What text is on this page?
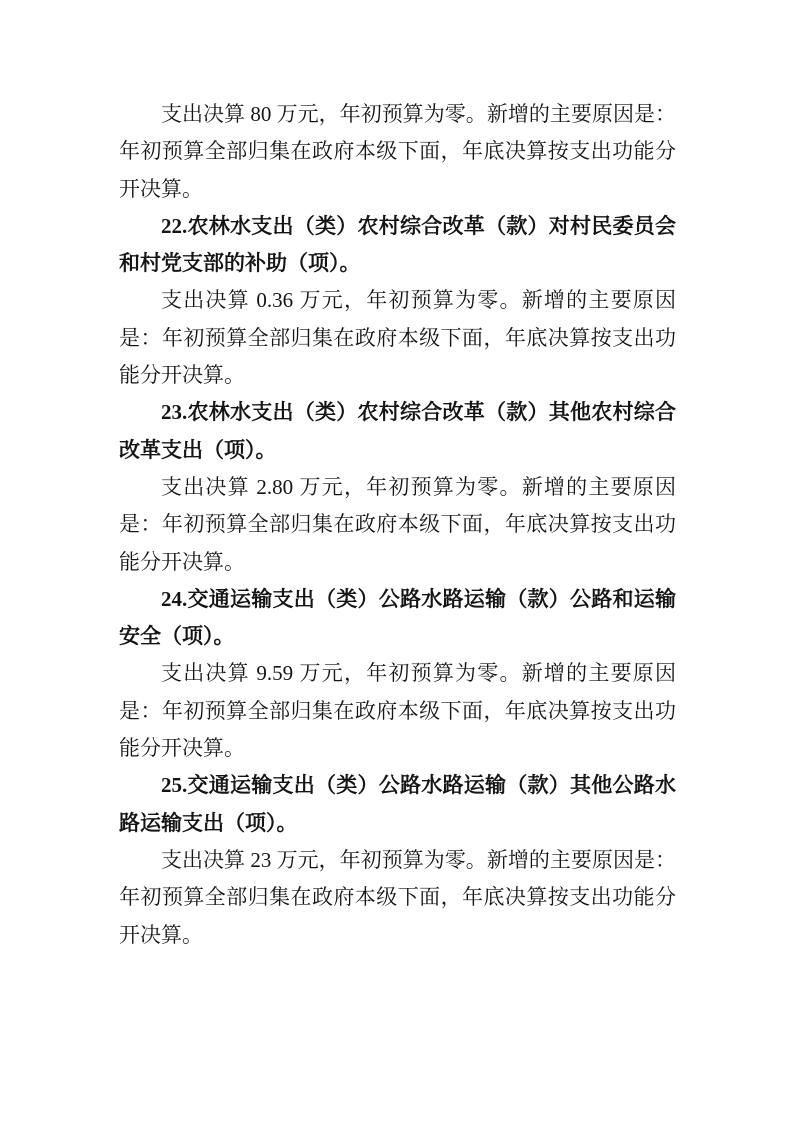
支出决算 80 万元，年初预算为零。新增的主要原因是：年初预算全部归集在政府本级下面，年底决算按支出功能分开决算。

22.农林水支出（类）农村综合改革（款）对村民委员会和村党支部的补助（项）。

支出决算 0.36 万元，年初预算为零。新增的主要原因是：年初预算全部归集在政府本级下面，年底决算按支出功能分开决算。

23.农林水支出（类）农村综合改革（款）其他农村综合改革支出（项）。

支出决算 2.80 万元，年初预算为零。新增的主要原因是：年初预算全部归集在政府本级下面，年底决算按支出功能分开决算。

24.交通运输支出（类）公路水路运输（款）公路和运输安全（项）。

支出决算 9.59 万元，年初预算为零。新增的主要原因是：年初预算全部归集在政府本级下面，年底决算按支出功能分开决算。

25.交通运输支出（类）公路水路运输（款）其他公路水路运输支出（项）。

支出决算 23 万元，年初预算为零。新增的主要原因是：年初预算全部归集在政府本级下面，年底决算按支出功能分开决算。
